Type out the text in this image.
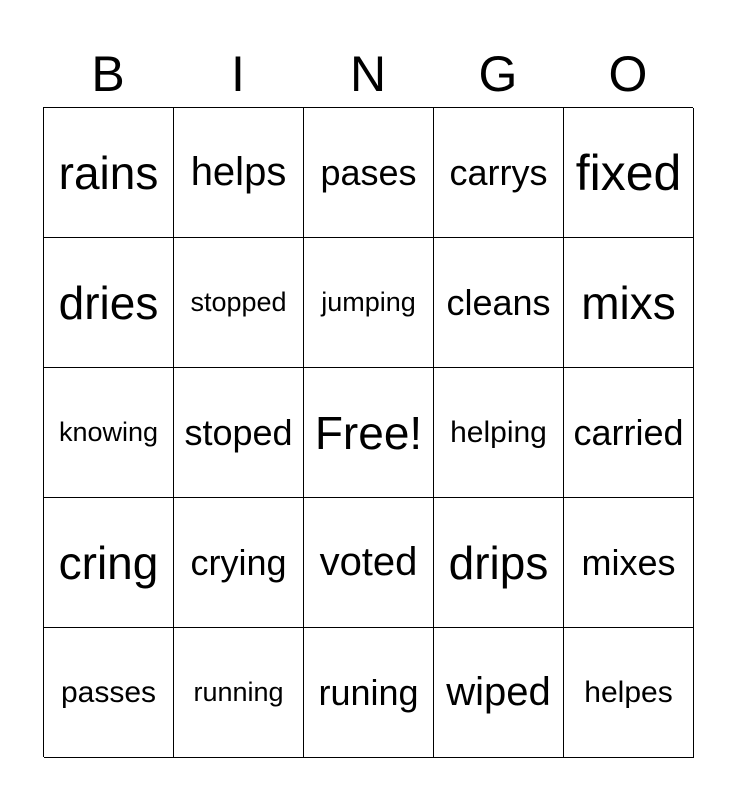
B	I	N	G	O
rains helps pases carrys fixed
dries	stopped	jumping cleans mixs
knowing stoped Free! helping carried
cring crying voted drips mixes
passes	running runing wiped	helpes
